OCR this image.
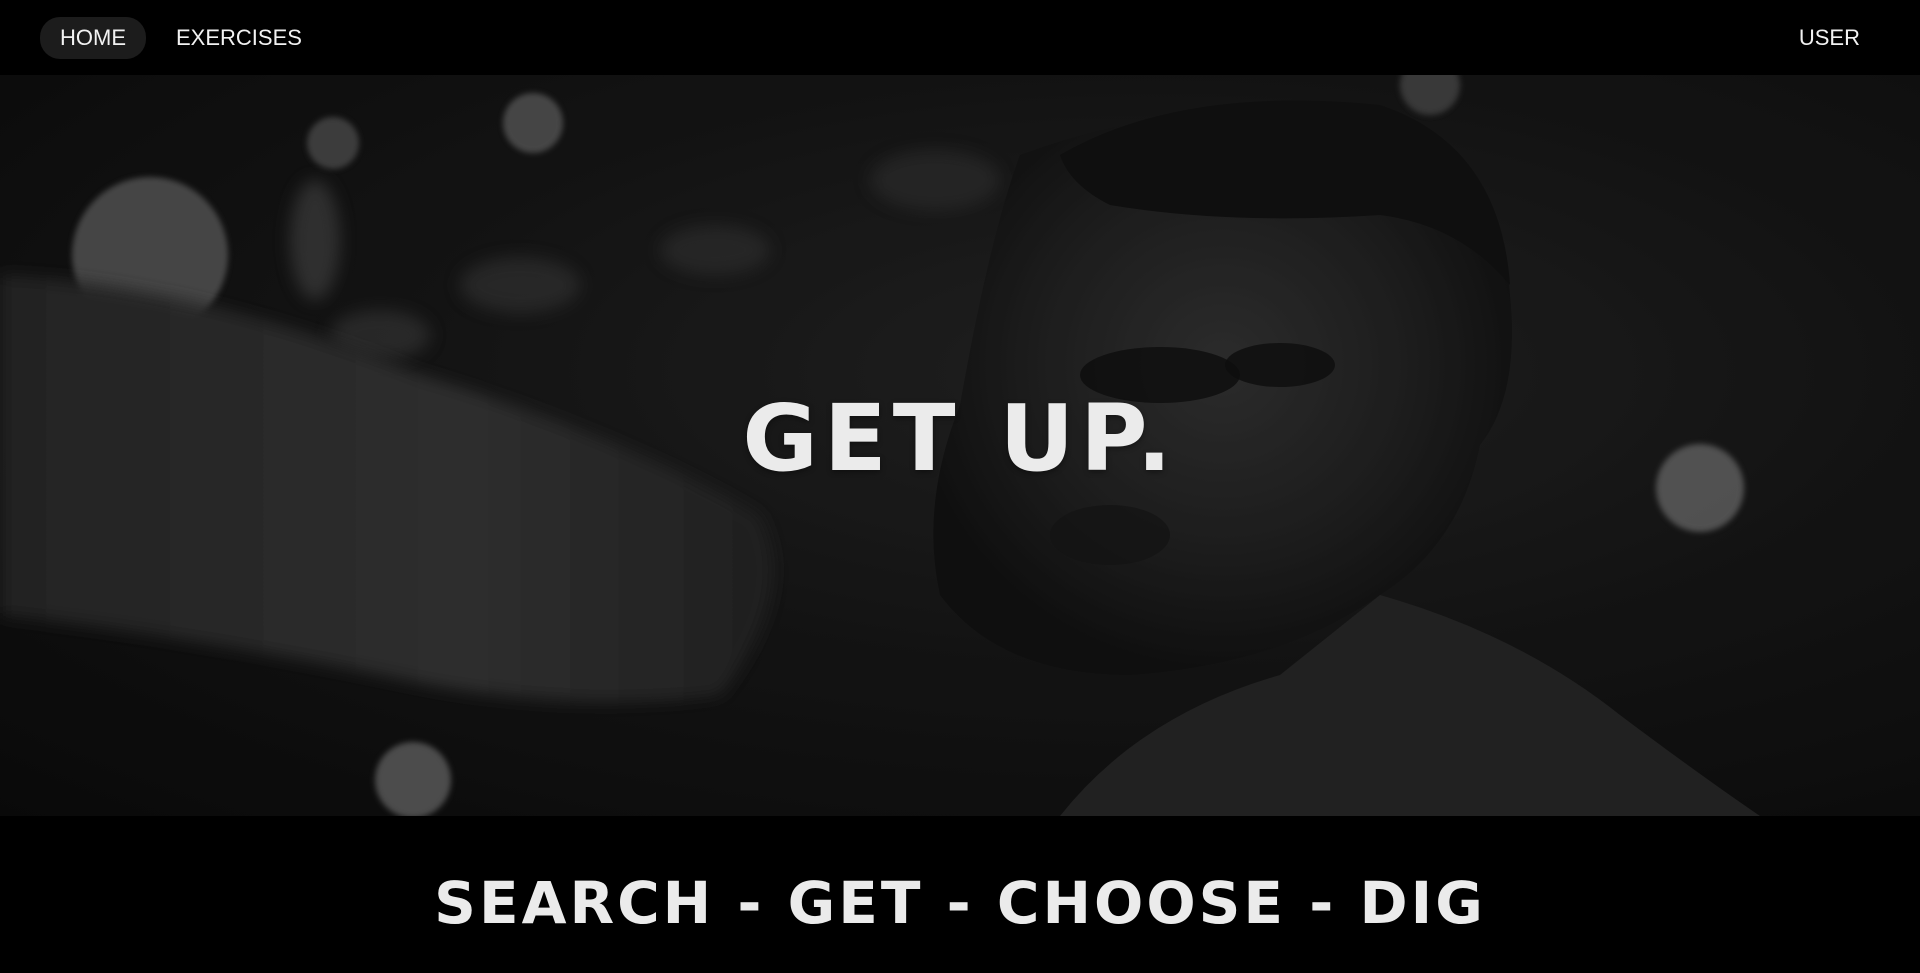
HOME	EXERCISES	USER
GET UP.
SEARCH - GET - CHOOSE - DIG
